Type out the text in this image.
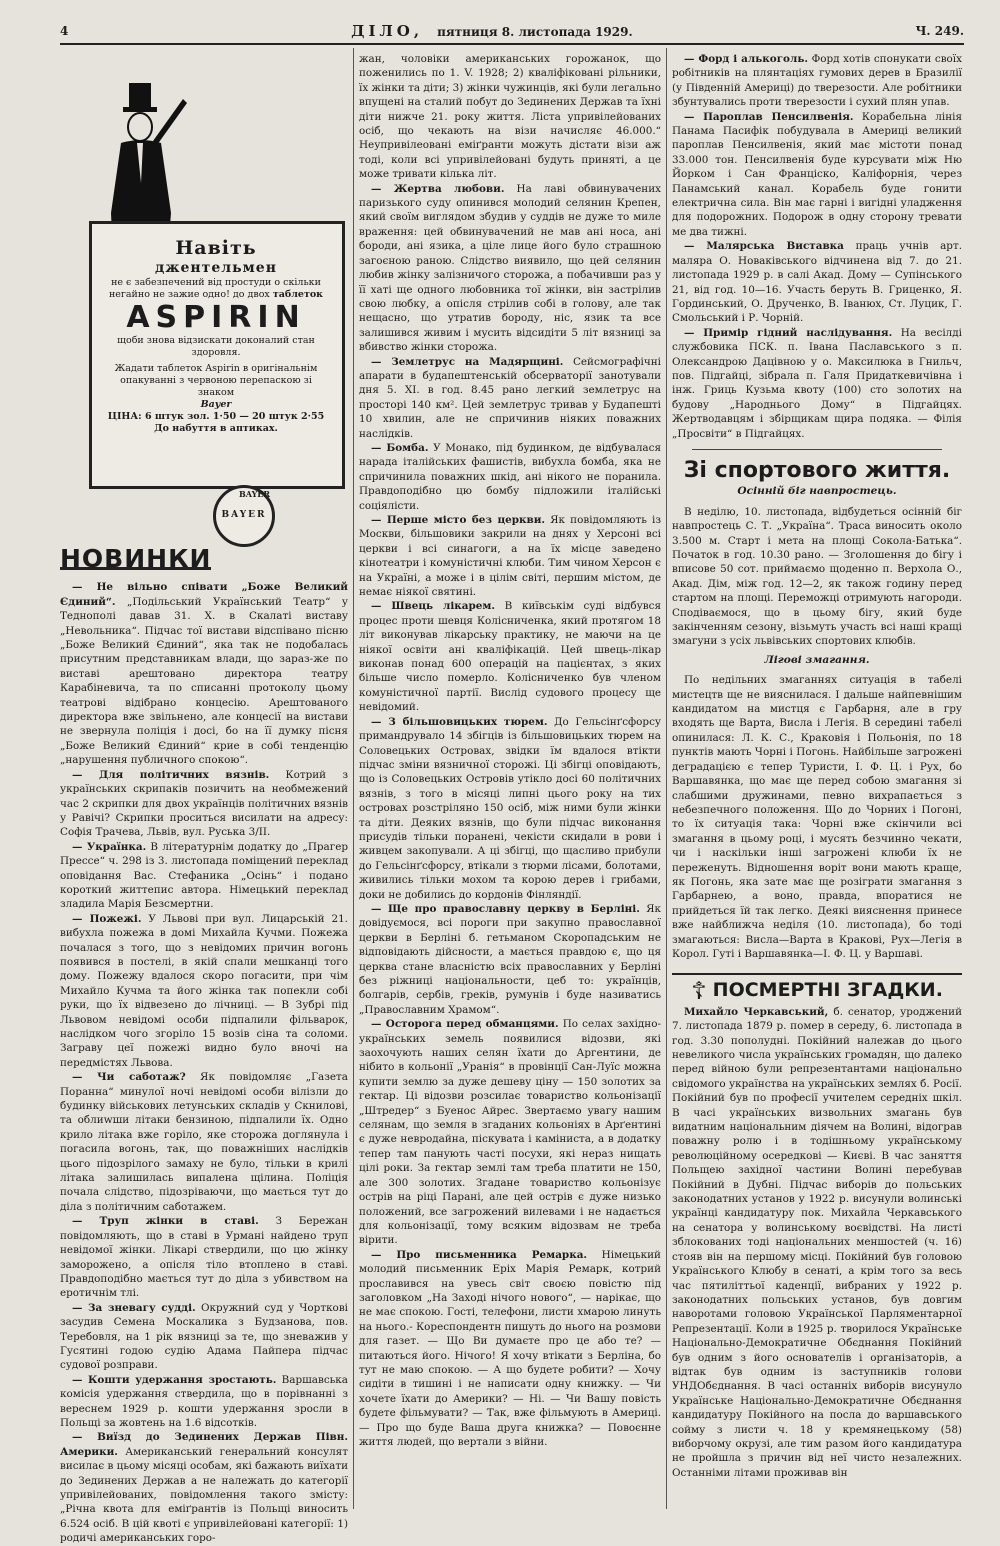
4	ДІЛО, пятниця 8. листопада 1929.	Ч. 249.
Навіть
джентельмен
не є забезпечений від простуди о скільки негайно не зажие одно! до двох таблеток
ASPIRIN
щоби знова відзискати доконалий стан здоровля.
Жадати таблеток Aspirin в оригінальнім опакуванні з червоною перепаскою зі знаком
Bayer
ЦІНА: 6 штук зол. 1·50 — 20 штук 2·55
До набуття в аптиках.
BAYER
BAYER
НОВИНКИ

— Не вільно співати „Боже Великий Єдиний“. „Подільський Український Театр“ у Теднополі давав 31. Х. в Скалаті виставу „Невольника“. Підчас тої вистави відспівано пісню „Боже Великий Єдиний“, яка так не подобалась присутним представникам влади, що зараз-же по виставі арештовано директора театру Карабіневича, та по списанні протоколу цьому театрові відібрано концесію. Арештованого директора вже звільнено, але концесії на вистави не звернула поліція і досі, бо на її думку пісня „Боже Великий Єдиний“ крие в собі тенденцію „нарушення публичного спокою“.

— Для політичних вязнів. Котрий з українських скрипаків позичить на необмежений час 2 скрипки для двох українців політичних вязнів у Равічі? Скрипки проситься висилати на адресу: Софія Трачева, Львів, вул. Руська 3/ІІ.

— Українка. В літературнім додатку до „Прагер Прессе“ ч. 298 із 3. листопада поміщений переклад оповідання Вас. Стефаника „Осінь“ і подано короткий життепис автора. Німецький переклад зладила Марія Безсмертни.

— Пожежі. У Львові при вул. Лицарській 21. вибухла пожежа в домі Михайла Кучми. Пожежа почалася з того, що з невідомих причин вогонь появився в постелі, в якій спали мешканці того дому. Пожежу вдалося скоро погасити, при чім Михайло Кучма та його жінка так попекли собі руки, що їх відвезено до лічниці. — В Зубрі під Львовом невідомі особи підпалили фільварок, наслідком чого згоріло 15 возів сіна та соломи. Заграву цеї пожежі видно було вночі на передмістях Львова.

— Чи саботаж? Як повідомляє „Газета Поранна“ минулої ночі невідомі особи вілізли до будинку військових летунських складів у Скнилові, та облиwши літаки бензиною, підпалили їх. Одно крило літака вже горіло, яке сторожа доглянула і погасила вогонь, так, що поважніших наслідків цього підозрілого замаху не було, тільки в крилі літака залишилась випалена щілина. Поліція почала слідство, підозріваючи, що мається тут до діла з політичним саботажем.

— Труп жінки в ставі. З Бережан повідомляють, що в ставі в Урмані найдено труп невідомої жінки. Лікарі ствердили, що цю жінку заморожено, а опісля тіло втоплено в ставі. Правдоподібно мається тут до діла з убивством на еротичнім тлі.

— За зневагу судді. Окружний суд у Чорткові засудив Семена Москалика з Будзанова, пов. Теребовля, на 1 рік вязниці за те, що зневажив у Гусятині годою судію Адама Пайпера підчас судової розправи.

— Кошти удержання зростають. Варшавська комісія удержання ствердила, що в порівнанні з вереснем 1929 р. кошти удержання зросли в Польщі за жовтень на 1.6 відсотків.

— Виїзд до Зединених Держав Півн. Америки. Американський генеральний консулят висилає в цьому місяці особам, які бажають виїхати до Зединених Держав а не належать до категорії упривілейованих, повідомлення такого змісту: „Річна квота для еміґрантів із Польщі виносить 6.524 осіб. В цій квоті є упривілейовані категорії: 1) родичі американських горо-

жан, чоловіки американських горожанок, що поженились по 1. V. 1928; 2) кваліфіковані рільники, їх жінки та діти; 3) жінки чужинців, які були легально впущені на сталий побут до Зединених Держав та їхні діти нижче 21. року життя. Ліста упривілейованих осіб, що чекають на візи начисляє 46.000.“ Неупривілеовані еміґранти можуть дістати візи аж тоді, коли всі упривілейовані будуть приняті, а це може тривати кілька літ.

— Жертва любови. На лаві обвинувачених паризького суду опинився молодий селянин Крепен, який своїм виглядом збудив у суддів не дуже то миле враження: цей обвинувачений не мав ані носа, ані бороди, ані язика, а ціле лице його було страшною загоєною раною. Слідство виявило, що цей селянин любив жінку залізничого сторожа, а побачивши раз у її хаті ще одного любовника тої жінки, він застрілив свою любку, а опісля стрілив собі в голову, але так нещасно, що утратив бороду, ніс, язик та все залишився живим і мусить відсидіти 5 літ вязниці за вбивство жінки сторожа.

— Землетрус на Мадярщині. Сейсмографічні апарати в будапештенській обсерваторії занотували дня 5. ХІ. в год. 8.45 рано легкий землетрус на просторі 140 км². Цей землетрус тривав у Будапешті 10 хвилин, але не спричинив ніяких поважних наслідків.

— Бомба. У Монако, під будинком, де відбувалася нарада італійських фашистів, вибухла бомба, яка не спричинила поважних шкід, ані нікого не поранила. Правдоподібно цю бомбу підложили італійські соціялісти.

— Перше місто без церкви. Як повідомляють із Москви, більшовики закрили на днях у Херсоні всі церкви і всі синагоги, а на їх місце заведено кінотеатри і комуністичні клюби. Тим чином Херсон є на Україні, а може і в цілім світі, першим містом, де немає ніякої святині.

— Швець лікарем. В київськім суді відбувся процес проти шевця Колісниченка, який протягом 18 літ виконував лікарську практику, не маючи на це ніякої освіти ані кваліфікацій. Цей швець-лікар виконав понад 600 операцій на пацієнтах, з яких більше число померло. Колісниченко був членом комуністичної партії. Вислід судового процесу ще невідомий.

— З більшовицьких тюрем. До Гельсінґсфорсу примандрувало 14 збігців із більшовицьких тюрем на Соловецьких Островах, звідки їм вдалося втікти підчас зміни вязничної сторожі. Ці збігці оповідають, що із Соловецьких Островів утікло досі 60 політичних вязнів, з того в місяці липні цього року на тих островах розстріляно 150 осіб, між ними були жінки та діти. Деяких вязнів, що були підчас виконання присудів тільки поранені, чекісти скидали в рови і живцем закопували. А ці збігці, що щасливо прибули до Гельсінґсфорсу, втікали з тюрми лісами, болотами, живились тільки мохом та корою дерев і грибами, доки не добились до кордонів Фінляндії.

— Ще про православну церкву в Берліні. Як довідуємося, всі пороги при закупно православної церкви в Берліні б. гетьманом Скоропадським не відповідають дійсности, а мається правдою є, що ця церква стане власністю всіх православних у Берліні без ріжниці національности, цеб то: українців, болгарів, сербів, греків, румунів і буде називатись „Православним Храмом“.

— Осторога перед обманцями. По селах західно-українських земель появилися відозви, які заохочують наших селян їхати до Аргентини, де нібито в кольонії „Уранія“ в провінції Сан-Луїс можна купити землю за дуже дешеву ціну — 150 золотих за гектар. Ці відозви розсилає товариство кольонізації „Штредер“ з Буенос Айрес. Звертаємо увагу нашим селянам, що земля в згаданих кольоніях в Арґентині є дуже невродайна, піскувата і каміниста, а в додатку тепер там панують часті посухи, які нераз нищать цілі роки. За гектар землі там треба платити не 150, але 300 золотих. Згадане товариство кольонізує острів на ріці Парані, але цей острів є дуже низько положений, все загрожений вилевами і не надається для кольонізації, тому всяким відозвам не треба вірити.

— Про письменника Ремарка. Німецький молодий письменник Еріх Марія Ремарк, котрий прославився на увесь світ своєю повістю під заголовком „На Заході нічого нового“, — нарікає, що не має спокою. Гості, телефони, листи хмарою линуть на нього.- Кореспондентн пишуть до нього на розмови для газет. — Що Ви думаєте про це або те? — питаються його. Нічого! Я хочу втікати з Берліна, бо тут не маю спокою. — А що будете робити? — Хочу сидіти в тишині і не написати одну книжку. — Чи хочете їхати до Америки? — Ні. — Чи Вашу повість будете фільмувати? — Так, вже фільмують в Америці. — Про що буде Ваша друга книжка? — Повоєнне життя людей, що вертали з війни.

— Форд і алькоголь. Форд хотів спонукати своїх робітників на плянтаціях гумових дерев в Бразилії (у Південній Америці) до тверезости. Але робітники збунтувались проти тверезости і сухий плян упав.

— Пароплав Пенсилвенія. Корабельна лінія Панама Пасифік побудувала в Америці великий пароплав Пенсилвенія, який має містоти понад 33.000 тон. Пенсилвенія буде курсувати між Ню Йорком і Сан Франціско, Каліфорнія, через Панамський канал. Корабель буде гонити електрична сила. Він має гарні і вигідні уладження для подорожних. Подорож в одну сторону тревати ме два тижні.

— Малярська Виставка праць учнів арт. маляра О. Новаківського відчинена від 7. до 21. листопада 1929 р. в салі Акад. Дому — Супінського 21, від год. 10—16. Участь беруть В. Гриценко, Я. Гординський, О. Друченко, В. Іванюх, Ст. Луцик, Г. Смольський і Р. Чорній.

— Примір гідний наслідування. На весілді службовика ПСК. п. Івана Паславського з п. Олександрою Дацівною у о. Максилюка в Гнильч, пов. Підгайці, зібрала п. Галя Придаткевичівна і інж. Гриць Кузьма квоту (100) сто золотих на будову „Народнього Дому“ в Підгайцях. Жертводавцям і збірщикам щира подяка. — Філія „Просвіти“ в Підгайцях.

Зі спортового життя.
Осінній біг навпростець.

В неділю, 10. листопада, відбудеться осінній біг навпростець С. Т. „Україна“. Траса виносить около 3.500 м. Старт і мета на площі Сокола-Батька“. Початок в год. 10.30 рано. — Зголошення до бігу і вписове 50 сот. приймаємо щоденно п. Верхола О., Акад. Дім, між год. 12—2, як також годину перед стартом на площі. Переможці отримують нагороди. Сподіваємося, що в цьому бігу, який буде закінченням сезону, візьмуть участь всі наші кращі змагуни з усіх львівських спортових клюбів.

Лігові змагання.

По недільних змаганнях ситуація в табелі мистецтв ще не вияснилася. І дальше найпевнішим кандидатом на мистця є Гарбарня, але в гру входять ще Варта, Висла і Легія. В середині табелі опинилася: Л. К. С., Краковія і Польонія, по 18 пунктів мають Чорні і Погонь. Найбільше загрожені деградацією є тепер Туристи, І. Ф. Ц. і Рух, бо Варшавянка, що має ще перед собою змагання зі слабшими дружинами, певно вихрапається з небезпечного положення. Що до Чорних і Погоні, то їх ситуація така: Чорні вже скінчили всі змагання в цьому році, і мусять безчинно чекати, чи і наскільки інші загрожені клюби їх не переженуть. Відношення воріт вони мають краще, як Погонь, яка зате має ще розіграти змагання з Гарбарнею, а воно, правда, впоратися не прийдеться їй так легко. Деякі вияснення принесе вже найближча неділя (10. листопада), бо тоді змагаються: Висла—Варта в Кракові, Рух—Легія в Корол. Гуті і Варшавянка—І. Ф. Ц. у Варшаві.

☦ ПОСМЕРТНІ ЗГАДКИ.

Михайло Черкавський, б. сенатор, уроджений 7. листопада 1879 р. помер в середу, 6. листопада в год. 3.30 пополудні. Покійний належав до цього невеликого числа українських громадян, що далеко перед війною були репрезентантами національно свідомого українства на українських землях б. Росії. Покійний був по професії учителем середніх шкіл. В часі українських визвольних змагань був видатним національним діячем на Волині, відограв поважну ролю і в тодішньому українському революційному осередкові — Києві. В час заняття Польщею західної частини Волині перебував Покійний в Дубні. Підчас виборів до польських законодатних установ у 1922 р. висунули волинські українці кандидатуру пок. Михайла Черкавського на сенатора у волинському воєвідстві. На листі зблокованих тоді національних меншостей (ч. 16) стояв він на першому місці. Покійний був головою Українського Клюбу в сенаті, а крім того за весь час пятиліттьої каденції, вибраних у 1922 р. законодатних польських установ, був довгим наворотами головою Української Парляментарної Репрезентації. Коли в 1925 р. творилося Українське Національно-Демократичне Обєднання Покійний був одним з його основателів і організаторів, а відтак був одним із заступників голови УНДОбєднання. В часі останніх виборів висунуло Українське Національно-Демократичне Обєднання кандидатуру Покійного на посла до варшавського сойму з листи ч. 18 у кремянецькому (58) виборчому окрузі, але тим разом його кандидатура не пройшла з причин від неї чисто незалежних. Останніми літами проживав він
